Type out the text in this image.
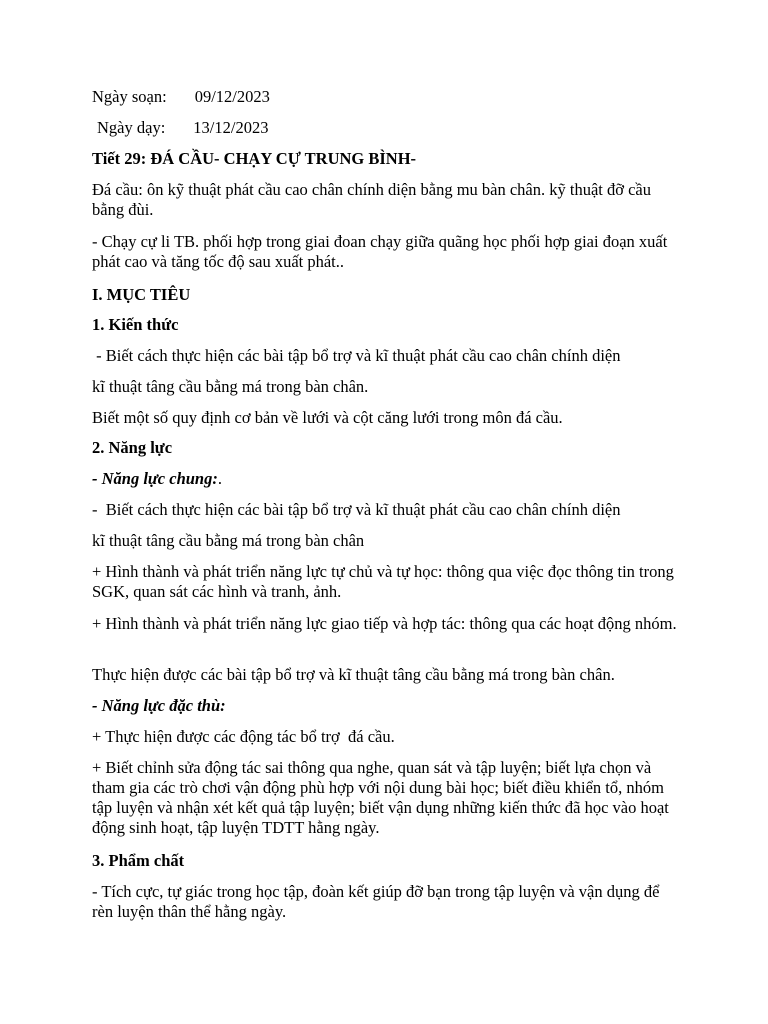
Ngày soạn: 09/12/2023

Ngày dạy: 13/12/2023

Tiết 29: ĐÁ CẦU- CHẠY CỰ TRUNG BÌNH-

Đá cầu: ôn kỹ thuật phát cầu cao chân chính diện bằng mu bàn chân. kỹ thuật đỡ cầu bằng đùi.

- Chạy cự li TB. phối hợp trong giai đoan chạy giữa quãng học phối hợp giai đoạn xuất phát cao và tăng tốc độ sau xuất phát..

I. MỤC TIÊU

1. Kiến thức

- Biết cách thực hiện các bài tập bổ trợ và kĩ thuật phát cầu cao chân chính diện

kĩ thuật tâng cầu bằng má trong bàn chân.

Biết một số quy định cơ bản về lưới và cột căng lưới trong môn đá cầu.

2. Năng lực

- Năng lực chung:.

-  Biết cách thực hiện các bài tập bổ trợ và kĩ thuật phát cầu cao chân chính diện

kĩ thuật tâng cầu bằng má trong bàn chân

+ Hình thành và phát triển năng lực tự chủ và tự học: thông qua việc đọc thông tin trong SGK, quan sát các hình và tranh, ảnh.

+ Hình thành và phát triển năng lực giao tiếp và hợp tác: thông qua các hoạt động nhóm.

Thực hiện được các bài tập bổ trợ và kĩ thuật tâng cầu bằng má trong bàn chân.

- Năng lực đặc thù:

+ Thực hiện được các động tác bổ trợ  đá cầu.

+ Biết chỉnh sửa động tác sai thông qua nghe, quan sát và tập luyện; biết lựa chọn và tham gia các trò chơi vận động phù hợp với nội dung bài học; biết điều khiển tổ, nhóm tập luyện và nhận xét kết quả tập luyện; biết vận dụng những kiến thức đã học vào hoạt động sinh hoạt, tập luyện TDTT hằng ngày.

3. Phẩm chất

- Tích cực, tự giác trong học tập, đoàn kết giúp đỡ bạn trong tập luyện và vận dụng để rèn luyện thân thể hằng ngày.
